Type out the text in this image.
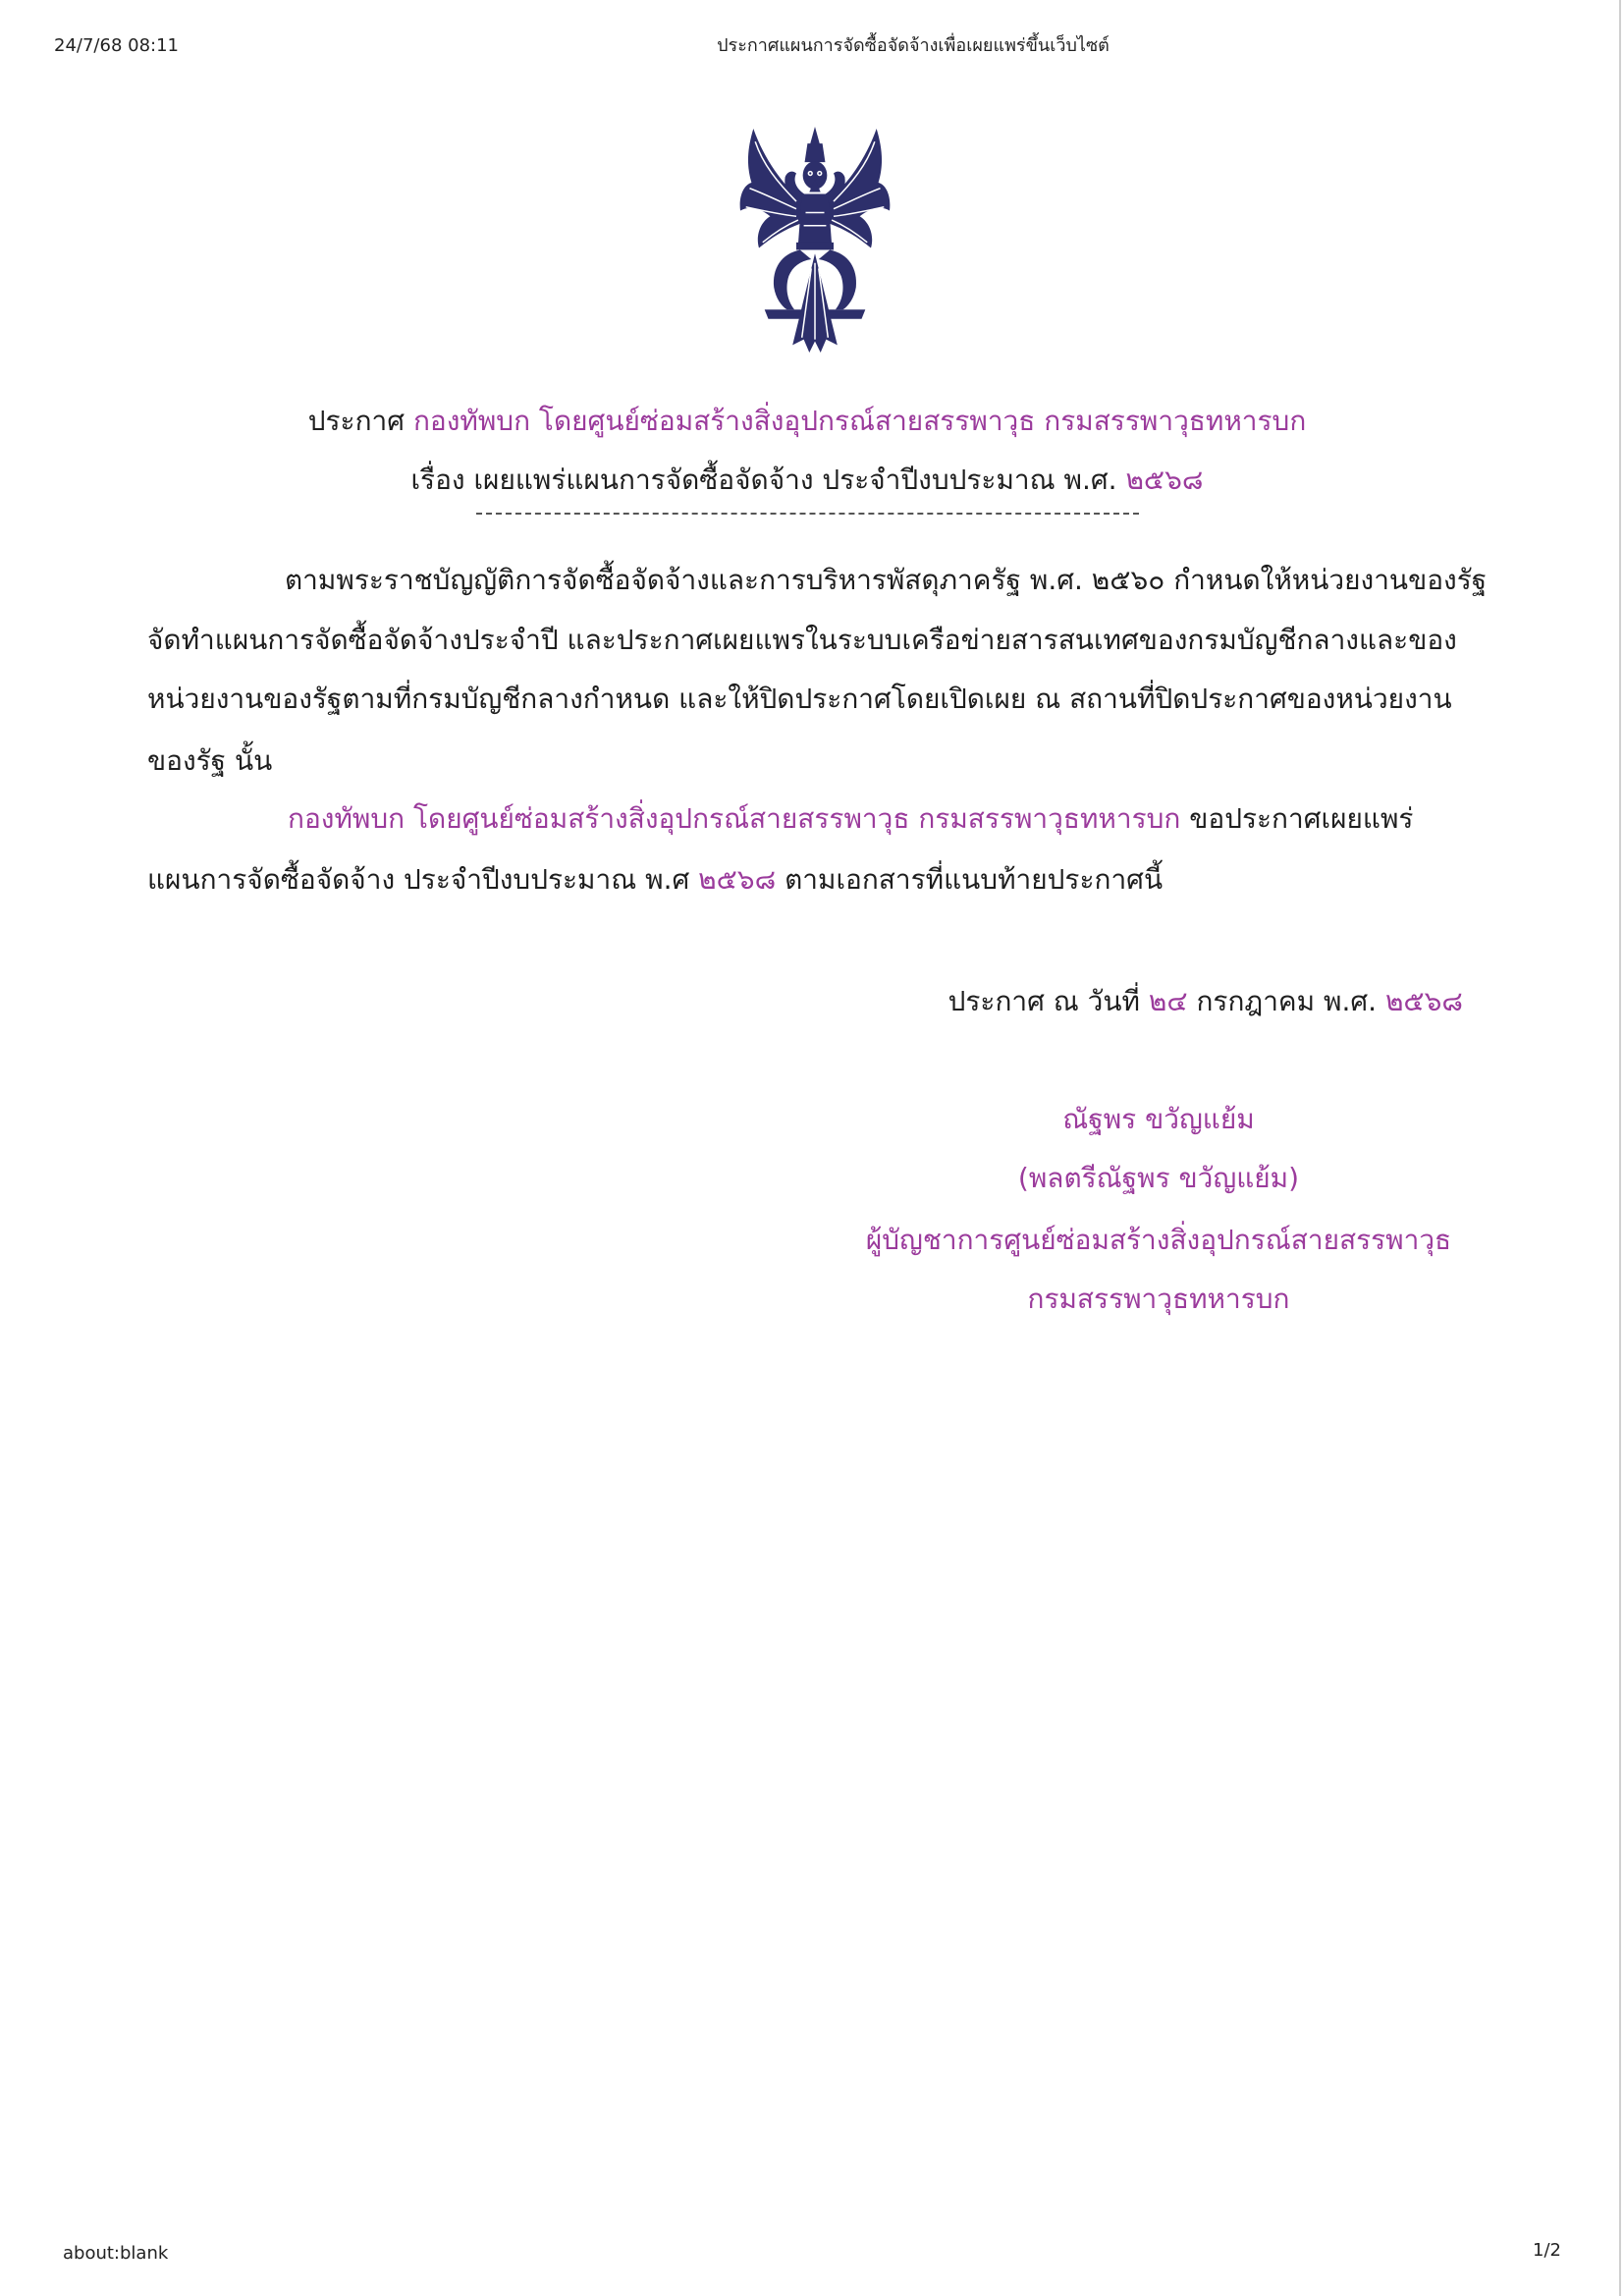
24/7/68 08:11	ประกาศแผนการจัดซื้อจัดจ้างเพื่อเผยแพร่ขึ้นเว็บไซต์
ประกาศ กองทัพบก โดยศูนย์ซ่อมสร้างสิ่งอุปกรณ์สายสรรพาวุธ กรมสรรพาวุธทหารบก
เรื่อง เผยแพร่แผนการจัดซื้อจัดจ้าง ประจำปีงบประมาณ พ.ศ. ๒๕๖๘
ตามพระราชบัญญัติการจัดซื้อจัดจ้างและการบริหารพัสดุภาครัฐ พ.ศ. ๒๕๖๐ กำหนดให้หน่วยงานของรัฐ
จัดทำแผนการจัดซื้อจัดจ้างประจำปี และประกาศเผยแพรในระบบเครือข่ายสารสนเทศของกรมบัญชีกลางและของ
หน่วยงานของรัฐตามที่กรมบัญชีกลางกำหนด และให้ปิดประกาศโดยเปิดเผย ณ สถานที่ปิดประกาศของหน่วยงาน
ของรัฐ นั้น
กองทัพบก โดยศูนย์ซ่อมสร้างสิ่งอุปกรณ์สายสรรพาวุธ กรมสรรพาวุธทหารบก ขอประกาศเผยแพร่
แผนการจัดซื้อจัดจ้าง ประจำปีงบประมาณ พ.ศ ๒๕๖๘ ตามเอกสารที่แนบท้ายประกาศนี้
ประกาศ ณ วันที่ ๒๔ กรกฎาคม พ.ศ. ๒๕๖๘
ณัฐพร ขวัญแย้ม
(พลตรีณัฐพร ขวัญแย้ม)
ผู้บัญชาการศูนย์ซ่อมสร้างสิ่งอุปกรณ์สายสรรพาวุธ
กรมสรรพาวุธทหารบก
about:blank	1/2
